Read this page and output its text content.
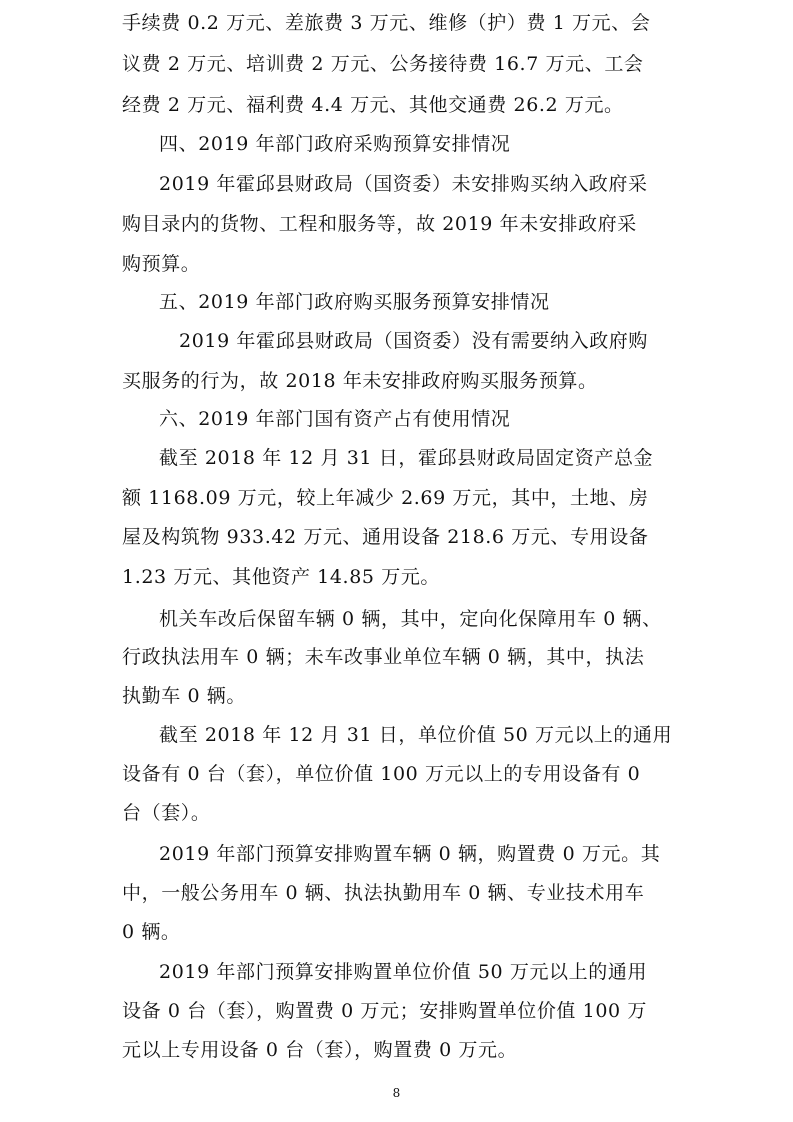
手续费 0.2 万元、差旅费 3 万元、维修（护）费 1 万元、会
议费 2 万元、培训费 2 万元、公务接待费 16.7 万元、工会
经费 2 万元、福利费 4.4 万元、其他交通费 26.2 万元。
四、2019 年部门政府采购预算安排情况
2019 年霍邱县财政局（国资委）未安排购买纳入政府采
购目录内的货物、工程和服务等，故 2019 年未安排政府采
购预算。
五、2019 年部门政府购买服务预算安排情况
2019 年霍邱县财政局（国资委）没有需要纳入政府购
买服务的行为，故 2018 年未安排政府购买服务预算。
六、2019 年部门国有资产占有使用情况
截至 2018 年 12 月 31 日，霍邱县财政局固定资产总金
额 1168.09 万元，较上年减少 2.69 万元，其中，土地、房
屋及构筑物 933.42 万元、通用设备 218.6 万元、专用设备
1.23 万元、其他资产 14.85 万元。
机关车改后保留车辆 0 辆，其中，定向化保障用车 0 辆、
行政执法用车 0 辆；未车改事业单位车辆 0 辆，其中，执法
执勤车 0 辆。
截至 2018 年 12 月 31 日，单位价值 50 万元以上的通用
设备有 0 台（套），单位价值 100 万元以上的专用设备有 0
台（套）。
2019 年部门预算安排购置车辆 0 辆，购置费 0 万元。其
中，一般公务用车 0 辆、执法执勤用车 0 辆、专业技术用车
0 辆。
2019 年部门预算安排购置单位价值 50 万元以上的通用
设备 0 台（套），购置费 0 万元；安排购置单位价值 100 万
元以上专用设备 0 台（套），购置费 0 万元。
8
